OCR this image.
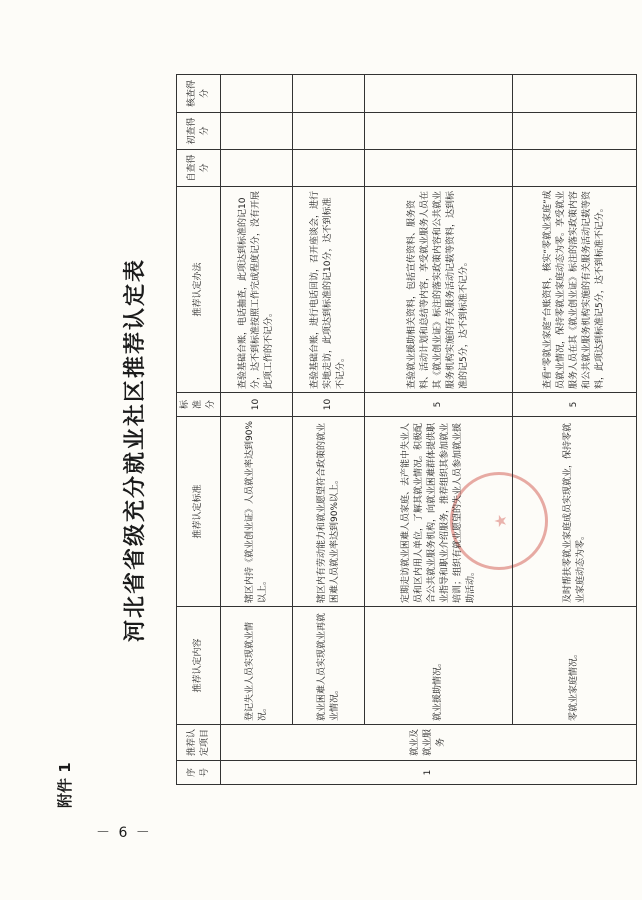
－ 6 －
附件 1
河北省省级充分就业社区推荐认定表	★
序号	推荐认定项目	推荐认定内容	推荐认定标准	标准分	推荐认定办法	自查得分	初查得分	核查得分
1	就业及就业服务	登记失业人员实现就业情况。	辖区内持《就业创业证》人员就业率达到90%以上。	10	查验基础台账，电话抽查，此项达到标准的记10分，达不到标准按照工作完成程度记分，没有开展此项工作的不记分。			
		就业困难人员实现就业再就业情况。	辖区内有劳动能力和就业愿望符合政策的就业困难人员就业率达到90%以上。	10	查验基础台账，进行电话回访，召开座谈会，进行实地走访，此项达到标准的记10分，达不到标准不记分。			
		就业援助情况。	定期走访就业困难人员家庭、去产能中失业人员和区内用人单位，了解其就业情况。积极配合公共就业服务机构，向就业困难群体提供职业指导和职业介绍服务，推荐组织其参加就业培训；组织有就业愿望的失业人员参加就业援助活动。	5	查验就业援助相关资料，包括宣传资料、服务资料、活动计划和总结等内容，享受就业服务人员在其《就业创业证》标注的落实政策内容和公共就业服务机构实施的有关服务活动记载等资料，达到标准的记5分，达不到标准不记分。			
		零就业家庭情况。	及时帮扶零就业家庭成员实现就业，保持零就业家庭动态为零。	5	查看“零就业家庭”台账资料，核实“零就业家庭”成员就业情况，保持零就业家庭动态为零。享受就业服务人员在其《就业创业证》标注的落实政策内容和公共就业服务机构实施的有关服务活动记载等资料，此项达到标准记5分，达不到标准不记分。			
